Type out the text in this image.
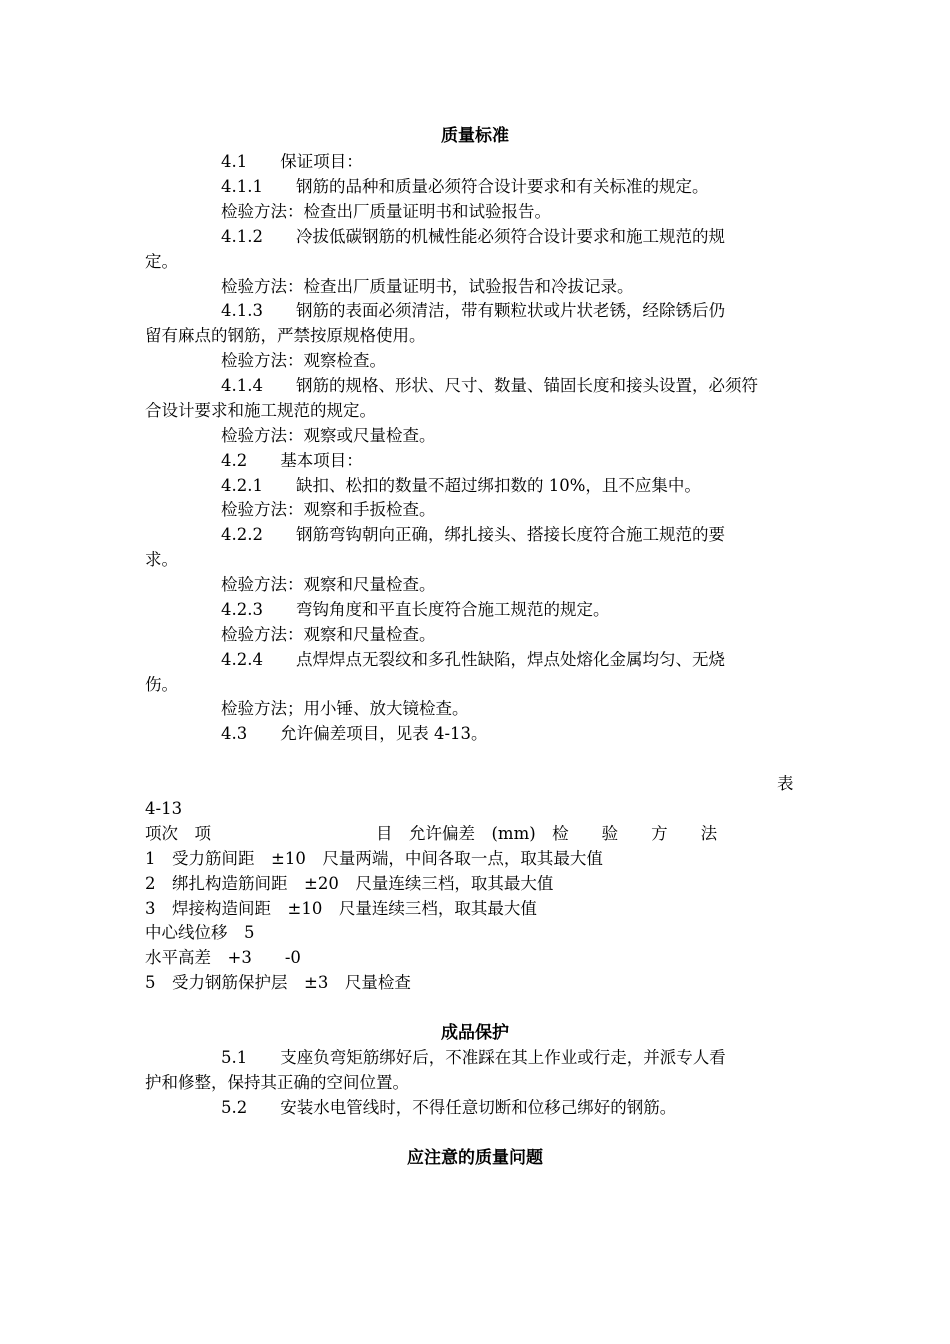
质量标准
4.1　　保证项目：
4.1.1　　钢筋的品种和质量必须符合设计要求和有关标准的规定。
检验方法：检查出厂质量证明书和试验报告。
4.1.2　　冷拔低碳钢筋的机械性能必须符合设计要求和施工规范的规
定。
检验方法：检查出厂质量证明书，试验报告和冷拔记录。
4.1.3　　钢筋的表面必须清洁，带有颗粒状或片状老锈，经除锈后仍
留有麻点的钢筋，严禁按原规格使用。
检验方法：观察检查。
4.1.4　　钢筋的规格、形状、尺寸、数量、锚固长度和接头设置，必须符
合设计要求和施工规范的规定。
检验方法：观察或尺量检查。
4.2　　基本项目：
4.2.1　　缺扣、松扣的数量不超过绑扣数的 10%，且不应集中。
检验方法：观察和手扳检查。
4.2.2　　钢筋弯钩朝向正确，绑扎接头、搭接长度符合施工规范的要
求。
检验方法：观察和尺量检查。
4.2.3　　弯钩角度和平直长度符合施工规范的规定。
检验方法：观察和尺量检查。
4.2.4　　点焊焊点无裂纹和多孔性缺陷，焊点处熔化金属均匀、无烧
伤。
检验方法；用小锤、放大镜检查。
4.3　　允许偏差项目，见表 4-13。
表
4-13
项次　项　　　　　　　　　　目　允许偏差　(mm)　检　　验　　方　　法
1　受力筋间距　±10　尺量两端，中间各取一点，取其最大值
2　绑扎构造筋间距　±20　尺量连续三档，取其最大值
3　焊接构造间距　±10　尺量连续三档，取其最大值
中心线位移　5
水平高差　+3　　-0
5　受力钢筋保护层　±3　尺量检查
成品保护
5.1　　支座负弯矩筋绑好后，不准踩在其上作业或行走，并派专人看
护和修整，保持其正确的空间位置。
5.2　　安装水电管线时，不得任意切断和位移己绑好的钢筋。
应注意的质量问题
